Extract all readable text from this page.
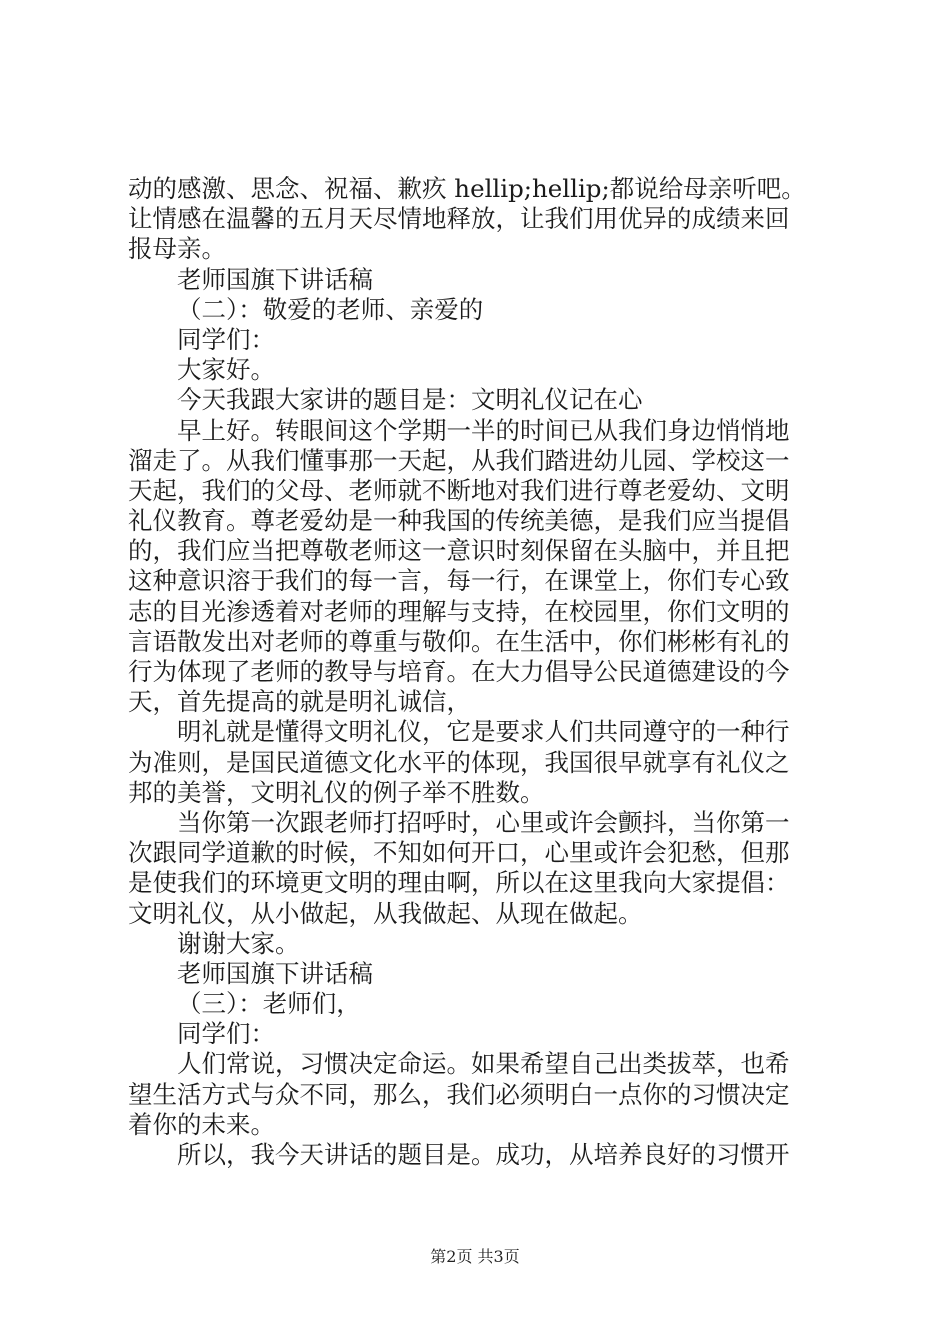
动的感激、思念、祝福、歉疚 hellip;hellip;都说给母亲听吧。
让情感在温馨的五月天尽情地释放，让我们用优异的成绩来回
报母亲。
老师国旗下讲话稿
（二）：敬爱的老师、亲爱的
同学们：
大家好。
今天我跟大家讲的题目是：文明礼仪记在心
早上好。转眼间这个学期一半的时间已从我们身边悄悄地
溜走了。从我们懂事那一天起，从我们踏进幼儿园、学校这一
天起，我们的父母、老师就不断地对我们进行尊老爱幼、文明
礼仪教育。尊老爱幼是一种我国的传统美德，是我们应当提倡
的，我们应当把尊敬老师这一意识时刻保留在头脑中，并且把
这种意识溶于我们的每一言，每一行，在课堂上，你们专心致
志的目光渗透着对老师的理解与支持，在校园里，你们文明的
言语散发出对老师的尊重与敬仰。在生活中，你们彬彬有礼的
行为体现了老师的教导与培育。在大力倡导公民道德建设的今
天，首先提高的就是明礼诚信，
明礼就是懂得文明礼仪，它是要求人们共同遵守的一种行
为准则，是国民道德文化水平的体现，我国很早就享有礼仪之
邦的美誉，文明礼仪的例子举不胜数。
当你第一次跟老师打招呼时，心里或许会颤抖，当你第一
次跟同学道歉的时候，不知如何开口，心里或许会犯愁，但那
是使我们的环境更文明的理由啊，所以在这里我向大家提倡：
文明礼仪，从小做起，从我做起、从现在做起。
谢谢大家。
老师国旗下讲话稿
（三）：老师们，
同学们：
人们常说，习惯决定命运。如果希望自己出类拔萃，也希
望生活方式与众不同，那么，我们必须明白一点你的习惯决定
着你的未来。
所以，我今天讲话的题目是。成功，从培养良好的习惯开
第2页 共3页
